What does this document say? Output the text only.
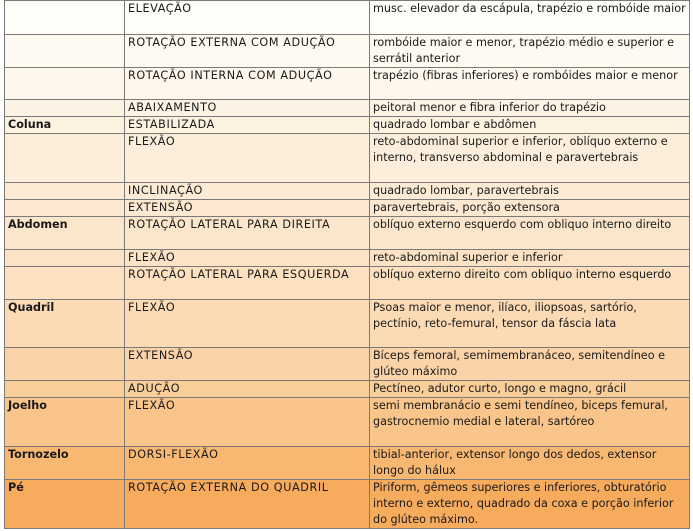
	ELEVAÇÃO	musc. elevador da escápula, trapézio e rombóide maior
	ROTAÇÃO EXTERNA COM ADUÇÃO	rombóide maior e menor, trapézio médio e superior e serrátil anterior
	ROTAÇÃO INTERNA COM ADUÇÃO	trapézio (fibras inferiores) e rombóides maior e menor
	ABAIXAMENTO	peitoral menor e fibra inferior do trapézio
Coluna	ESTABILIZADA	quadrado lombar e abdômen
	FLEXÃO	reto-abdominal superior e inferior, oblíquo externo e interno, transverso abdominal e paravertebrais
	INCLINAÇÃO	quadrado lombar, paravertebrais
	EXTENSÃO	paravertebrais, porção extensora
Abdomen	ROTAÇÃO LATERAL PARA DIREITA	oblíquo externo esquerdo com obliquo interno direito
	FLEXÃO	reto-abdominal superior e inferior
	ROTAÇÃO LATERAL PARA ESQUERDA	oblíquo externo direito com obliquo interno esquerdo
Quadril	FLEXÃO	Psoas maior e menor, ilíaco, iliopsoas, sartório, pectínio, reto-femural, tensor da fáscia lata
	EXTENSÃO	Bíceps femoral, semimembranáceo, semitendíneo e glúteo máximo
	ADUÇÃO	Pectíneo, adutor curto, longo e magno, grácil
Joelho	FLEXÃO	semi membranácio e semi tendíneo, biceps femural, gastrocnemio medial e lateral, sartóreo
Tornozelo	DORSI-FLEXÃO	tibial-anterior, extensor longo dos dedos, extensor longo do hálux
Pé	ROTAÇÃO EXTERNA DO QUADRIL	Piriform, gêmeos superiores e inferiores, obturatório interno e externo, quadrado da coxa e porção inferior do glúteo máximo.
